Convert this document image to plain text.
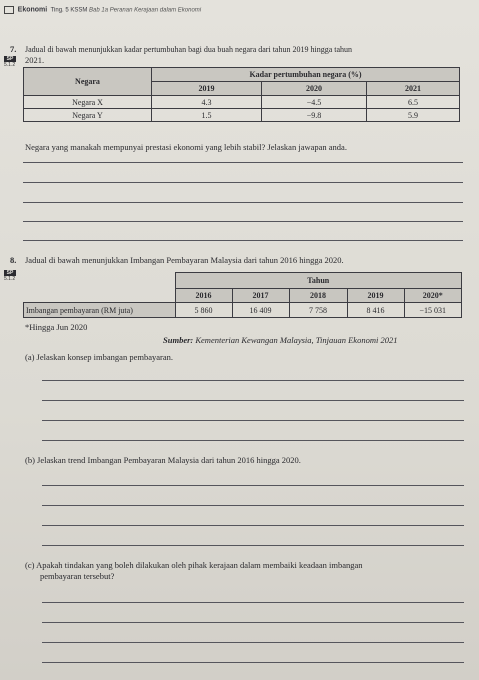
Ekonomi Ting. 5 KSSM Bab 1a Peranan Kerajaan dalam Ekonomi
7. Jadual di bawah menunjukkan kadar pertumbuhan bagi dua buah negara dari tahun 2019 hingga tahun
SP
5.1.2 2021.
Negara	Kadar pertumbuhan negara (%)		
	2019	2020	2021
Negara X	4.3	−4.5	6.5
Negara Y	1.5	−9.8	5.9
Negara yang manakah mempunyai prestasi ekonomi yang lebih stabil? Jelaskan jawapan anda.
8. Jadual di bawah menunjukkan Imbangan Pembayaran Malaysia dari tahun 2016 hingga 2020.
SP
5.1.2
		Tahun				
	2016	2017	2018	2019	2020*
Imbangan pembayaran (RM juta)	5 860	16 409	7 758	8 416	−15 031
*Hingga Jun 2020
Sumber: Kementerian Kewangan Malaysia, Tinjauan Ekonomi 2021
(a) Jelaskan konsep imbangan pembayaran.
(b) Jelaskan trend Imbangan Pembayaran Malaysia dari tahun 2016 hingga 2020.
(c) Apakah tindakan yang boleh dilakukan oleh pihak kerajaan dalam membaiki keadaan imbangan
pembayaran tersebut?
